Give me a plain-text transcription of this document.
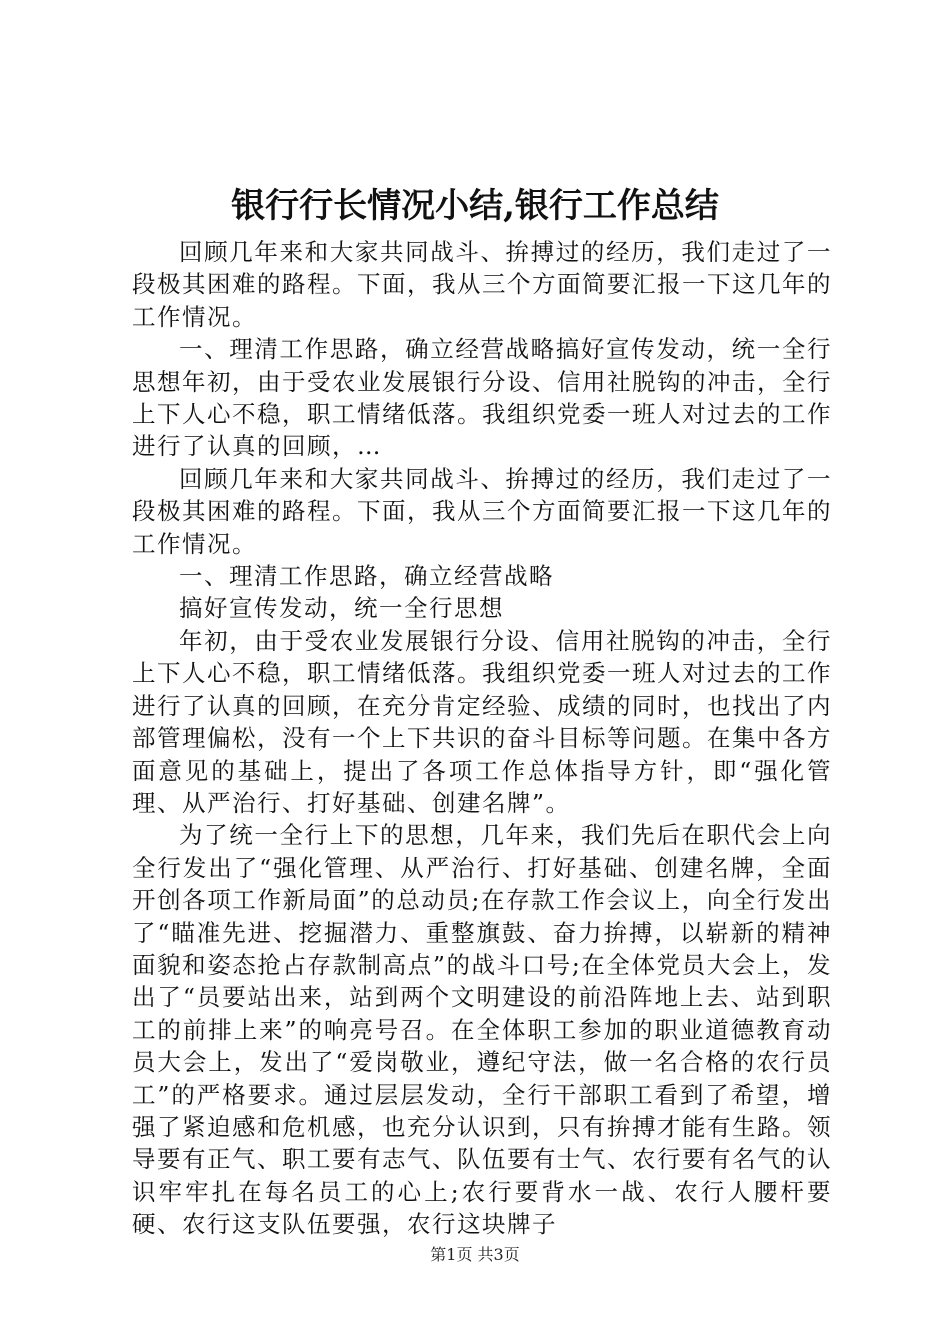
银行行长情况小结,银行工作总结

回顾几年来和大家共同战斗、拚搏过的经历，我们走过了一段极其困难的路程。下面，我从三个方面简要汇报一下这几年的工作情况。

一、理清工作思路，确立经营战略搞好宣传发动，统一全行思想年初，由于受农业发展银行分设、信用社脱钩的冲击，全行上下人心不稳，职工情绪低落。我组织党委一班人对过去的工作进行了认真的回顾，…

回顾几年来和大家共同战斗、拚搏过的经历，我们走过了一段极其困难的路程。下面，我从三个方面简要汇报一下这几年的工作情况。

一、理清工作思路，确立经营战略

搞好宣传发动，统一全行思想

年初，由于受农业发展银行分设、信用社脱钩的冲击，全行上下人心不稳，职工情绪低落。我组织党委一班人对过去的工作进行了认真的回顾，在充分肯定经验、成绩的同时，也找出了内部管理偏松，没有一个上下共识的奋斗目标等问题。在集中各方面意见的基础上，提出了各项工作总体指导方针，即“强化管理、从严治行、打好基础、创建名牌”。

为了统一全行上下的思想，几年来，我们先后在职代会上向全行发出了“强化管理、从严治行、打好基础、创建名牌，全面开创各项工作新局面”的总动员;在存款工作会议上，向全行发出了“瞄准先进、挖掘潜力、重整旗鼓、奋力拚搏，以崭新的精神面貌和姿态抢占存款制高点”的战斗口号;在全体党员大会上，发出了“员要站出来，站到两个文明建设的前沿阵地上去、站到职工的前排上来”的响亮号召。在全体职工参加的职业道德教育动员大会上，发出了“爱岗敬业，遵纪守法，做一名合格的农行员工”的严格要求。通过层层发动，全行干部职工看到了希望，增强了紧迫感和危机感，也充分认识到，只有拚搏才能有生路。领导要有正气、职工要有志气、队伍要有士气、农行要有名气的认识牢牢扎在每名员工的心上;农行要背水一战、农行人腰杆要硬、农行这支队伍要强，农行这块牌子

第1页 共3页
